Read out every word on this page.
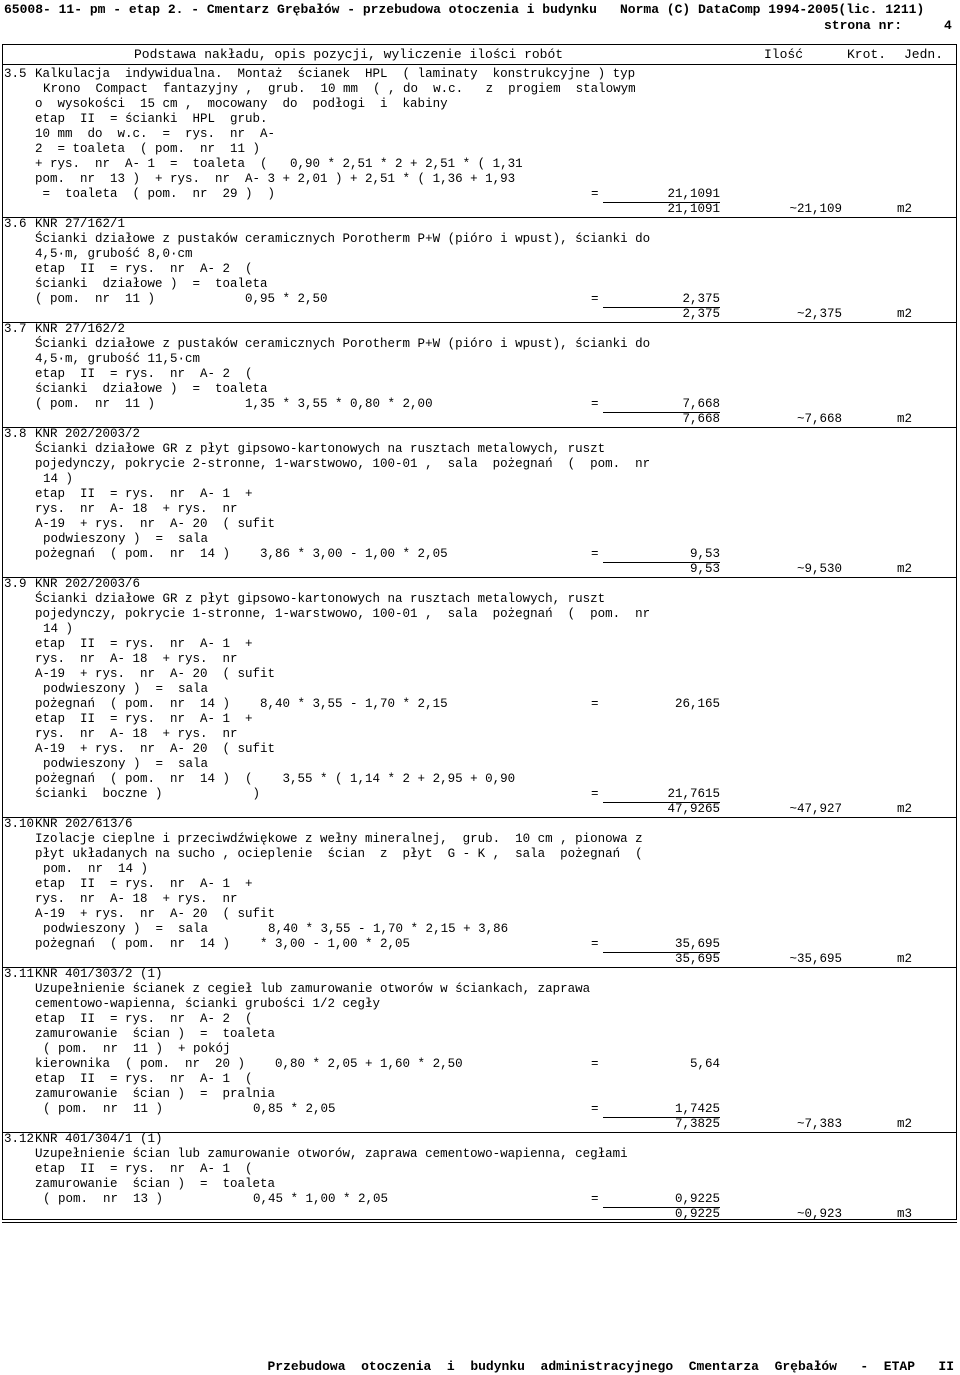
65008- 11- pm - etap 2. - Cmentarz Grębałów - przebudowa otoczenia i budynku Norma (C) DataComp 1994-2005(lic. 1211)
strona nr:	4
Podstawa nakładu, opis pozycji, wyliczenie ilości robót	Ilość	Krot. Jedn.
3.5 Kalkulacja  indywidualna.  Montaż  ścianek  HPL  ( laminaty  konstrukcyjne ) typ
Krono  Compact  fantazyjny ,  grub.  10 mm  ( , do  w.c.   z  progiem  stalowym
o  wysokości  15 cm ,  mocowany  do  podłogi  i  kabiny
etap  II  = ścianki  HPL  grub.
10 mm  do  w.c.  =  rys.  nr  A-
2  = toaleta  ( pom.  nr  11 )
+ rys.  nr  A- 1  =  toaleta  (   0,90 * 2,51 * 2 + 2,51 * ( 1,31
pom.  nr  13 )  + rys.  nr  A- 3 + 2,01 ) + 2,51 * ( 1,36 + 1,93
=  toaleta  ( pom.  nr  29 )  )	=	21,1091
21,1091	~21,109	m2
3.6 KNR 27/162/1
Ścianki działowe z pustaków ceramicznych Porotherm P+W (pióro i wpust), ścianki do
4,5·m, grubość 8,0·cm
etap  II  = rys.  nr  A- 2  (
ścianki  działowe )  =  toaleta
( pom.  nr  11 )            0,95 * 2,50	=	2,375
2,375	~2,375	m2
3.7 KNR 27/162/2
Ścianki działowe z pustaków ceramicznych Porotherm P+W (pióro i wpust), ścianki do
4,5·m, grubość 11,5·cm
etap  II  = rys.  nr  A- 2  (
ścianki  działowe )  =  toaleta
( pom.  nr  11 )            1,35 * 3,55 * 0,80 * 2,00	=	7,668
7,668	~7,668	m2
3.8 KNR 202/2003/2
Ścianki działowe GR z płyt gipsowo-kartonowych na rusztach metalowych, ruszt
pojedynczy, pokrycie 2-stronne, 1-warstwowo, 100-01 ,  sala  pożegnań  (  pom.  nr
14 )
etap  II  = rys.  nr  A- 1  +
rys.  nr  A- 18  + rys.  nr
A-19  + rys.  nr  A- 20  ( sufit
podwieszony )  =  sala
pożegnań  ( pom.  nr  14 )    3,86 * 3,00 - 1,00 * 2,05	=	9,53
9,53	~9,530	m2
3.9 KNR 202/2003/6
Ścianki działowe GR z płyt gipsowo-kartonowych na rusztach metalowych, ruszt
pojedynczy, pokrycie 1-stronne, 1-warstwowo, 100-01 ,  sala  pożegnań  (  pom.  nr
14 )
etap  II  = rys.  nr  A- 1  +
rys.  nr  A- 18  + rys.  nr
A-19  + rys.  nr  A- 20  ( sufit
podwieszony )  =  sala
pożegnań  ( pom.  nr  14 )    8,40 * 3,55 - 1,70 * 2,15	=	26,165
etap  II  = rys.  nr  A- 1  +
rys.  nr  A- 18  + rys.  nr
A-19  + rys.  nr  A- 20  ( sufit
podwieszony )  =  sala
pożegnań  ( pom.  nr  14 )  (    3,55 * ( 1,14 * 2 + 2,95 + 0,90
ścianki  boczne )            )	=	21,7615
47,9265	~47,927	m2
3.10 KNR 202/613/6
Izolacje cieplne i przeciwdźwiękowe z wełny mineralnej,  grub.  10 cm , pionowa z
płyt układanych na sucho , ocieplenie  ścian  z  płyt  G - K ,  sala  pożegnań  (
pom.  nr  14 )
etap  II  = rys.  nr  A- 1  +
rys.  nr  A- 18  + rys.  nr
A-19  + rys.  nr  A- 20  ( sufit
podwieszony )  =  sala        8,40 * 3,55 - 1,70 * 2,15 + 3,86
pożegnań  ( pom.  nr  14 )    * 3,00 - 1,00 * 2,05	=	35,695
35,695	~35,695	m2
3.11 KNR 401/303/2 (1)
Uzupełnienie ścianek z cegieł lub zamurowanie otworów w ściankach, zaprawa
cementowo-wapienna, ścianki grubości 1/2 cegły
etap  II  = rys.  nr  A- 2  (
zamurowanie  ścian )  =  toaleta
( pom.  nr  11 )  + pokój
kierownika  ( pom.  nr  20 )    0,80 * 2,05 + 1,60 * 2,50	=	5,64
etap  II  = rys.  nr  A- 1  (
zamurowanie  ścian )  =  pralnia
( pom.  nr  11 )            0,85 * 2,05	=	1,7425
7,3825	~7,383	m2
3.12 KNR 401/304/1 (1)
Uzupełnienie ścian lub zamurowanie otworów, zaprawa cementowo-wapienna, cegłami
etap  II  = rys.  nr  A- 1  (
zamurowanie  ścian )  =  toaleta
( pom.  nr  13 )            0,45 * 1,00 * 2,05	=	0,9225
0,9225	~0,923	m3
Przebudowa  otoczenia  i  budynku  administracyjnego  Cmentarza  Grębałów   -  ETAP   II
